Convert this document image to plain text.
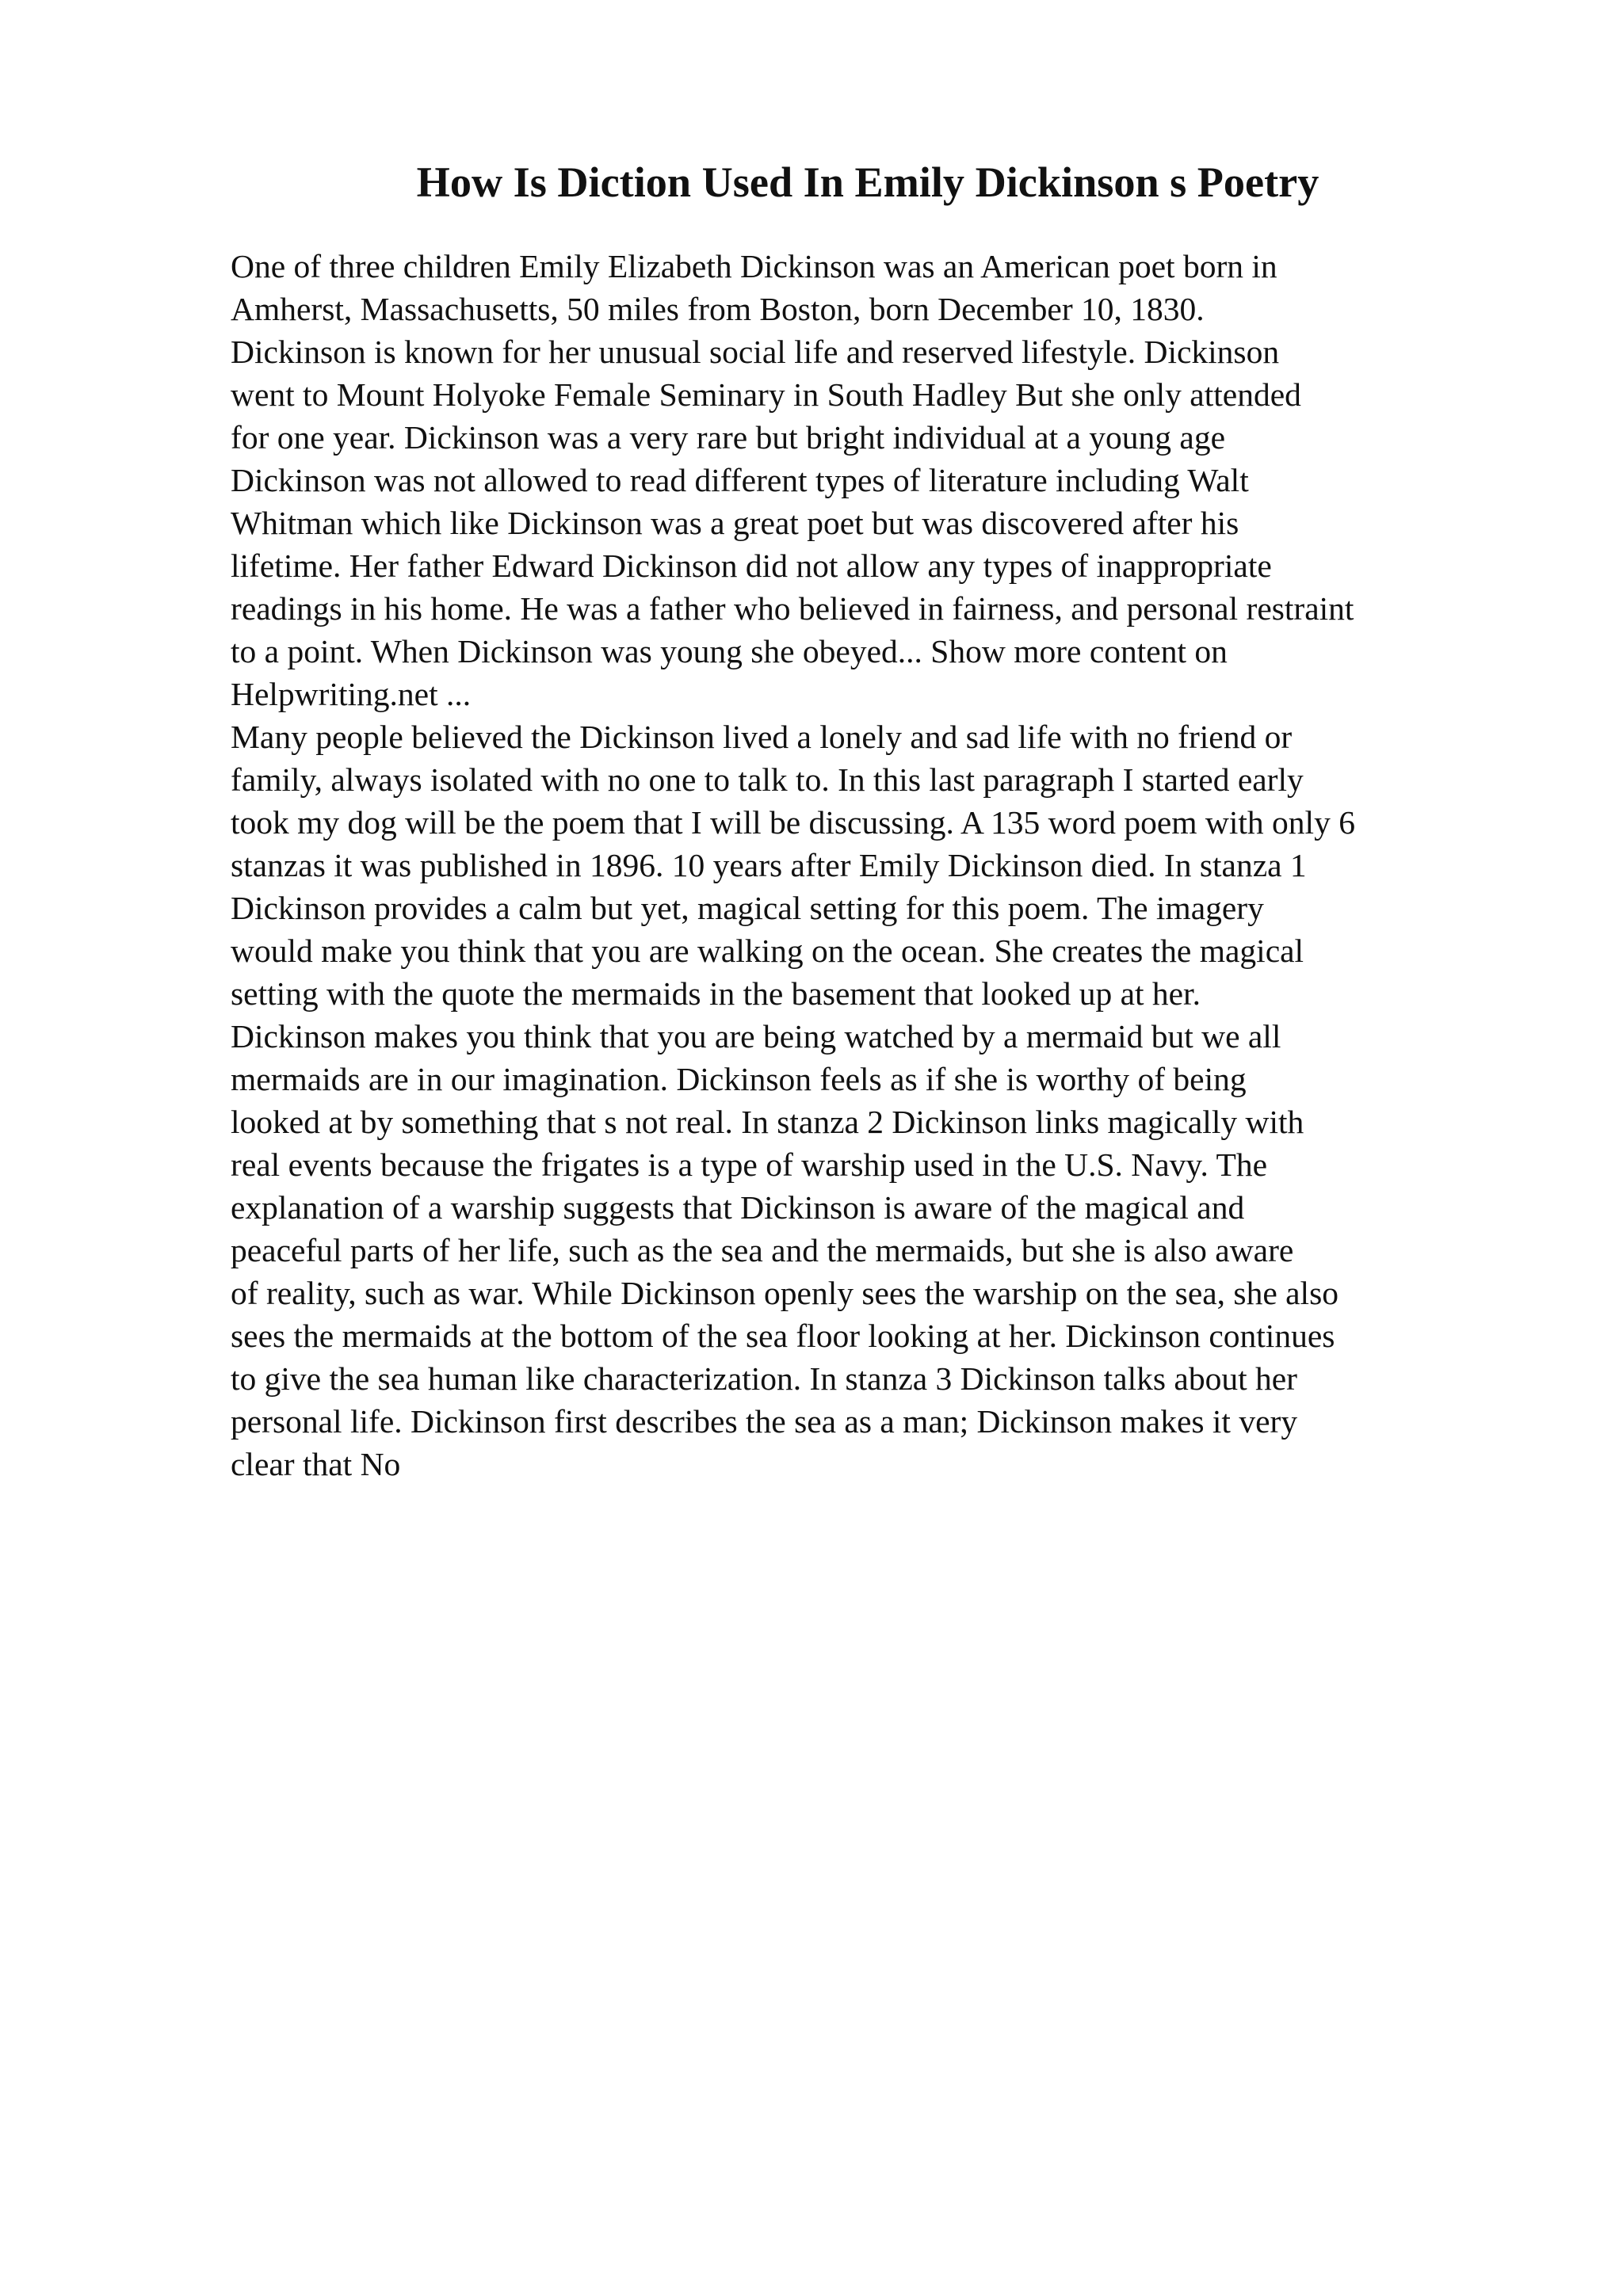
How Is Diction Used In Emily Dickinson s Poetry
One of three children Emily Elizabeth Dickinson was an American poet born in
Amherst, Massachusetts, 50 miles from Boston, born December 10, 1830.
Dickinson is known for her unusual social life and reserved lifestyle. Dickinson
went to Mount Holyoke Female Seminary in South Hadley But she only attended
for one year. Dickinson was a very rare but bright individual at a young age
Dickinson was not allowed to read different types of literature including Walt
Whitman which like Dickinson was a great poet but was discovered after his
lifetime. Her father Edward Dickinson did not allow any types of inappropriate
readings in his home. He was a father who believed in fairness, and personal restraint
to a point. When Dickinson was young she obeyed... Show more content on
Helpwriting.net ...
Many people believed the Dickinson lived a lonely and sad life with no friend or
family, always isolated with no one to talk to. In this last paragraph I started early
took my dog will be the poem that I will be discussing. A 135 word poem with only 6
stanzas it was published in 1896. 10 years after Emily Dickinson died. In stanza 1
Dickinson provides a calm but yet, magical setting for this poem. The imagery
would make you think that you are walking on the ocean. She creates the magical
setting with the quote the mermaids in the basement that looked up at her.
Dickinson makes you think that you are being watched by a mermaid but we all
mermaids are in our imagination. Dickinson feels as if she is worthy of being
looked at by something that s not real. In stanza 2 Dickinson links magically with
real events because the frigates is a type of warship used in the U.S. Navy. The
explanation of a warship suggests that Dickinson is aware of the magical and
peaceful parts of her life, such as the sea and the mermaids, but she is also aware
of reality, such as war. While Dickinson openly sees the warship on the sea, she also
sees the mermaids at the bottom of the sea floor looking at her. Dickinson continues
to give the sea human like characterization. In stanza 3 Dickinson talks about her
personal life. Dickinson first describes the sea as a man; Dickinson makes it very
clear that No
